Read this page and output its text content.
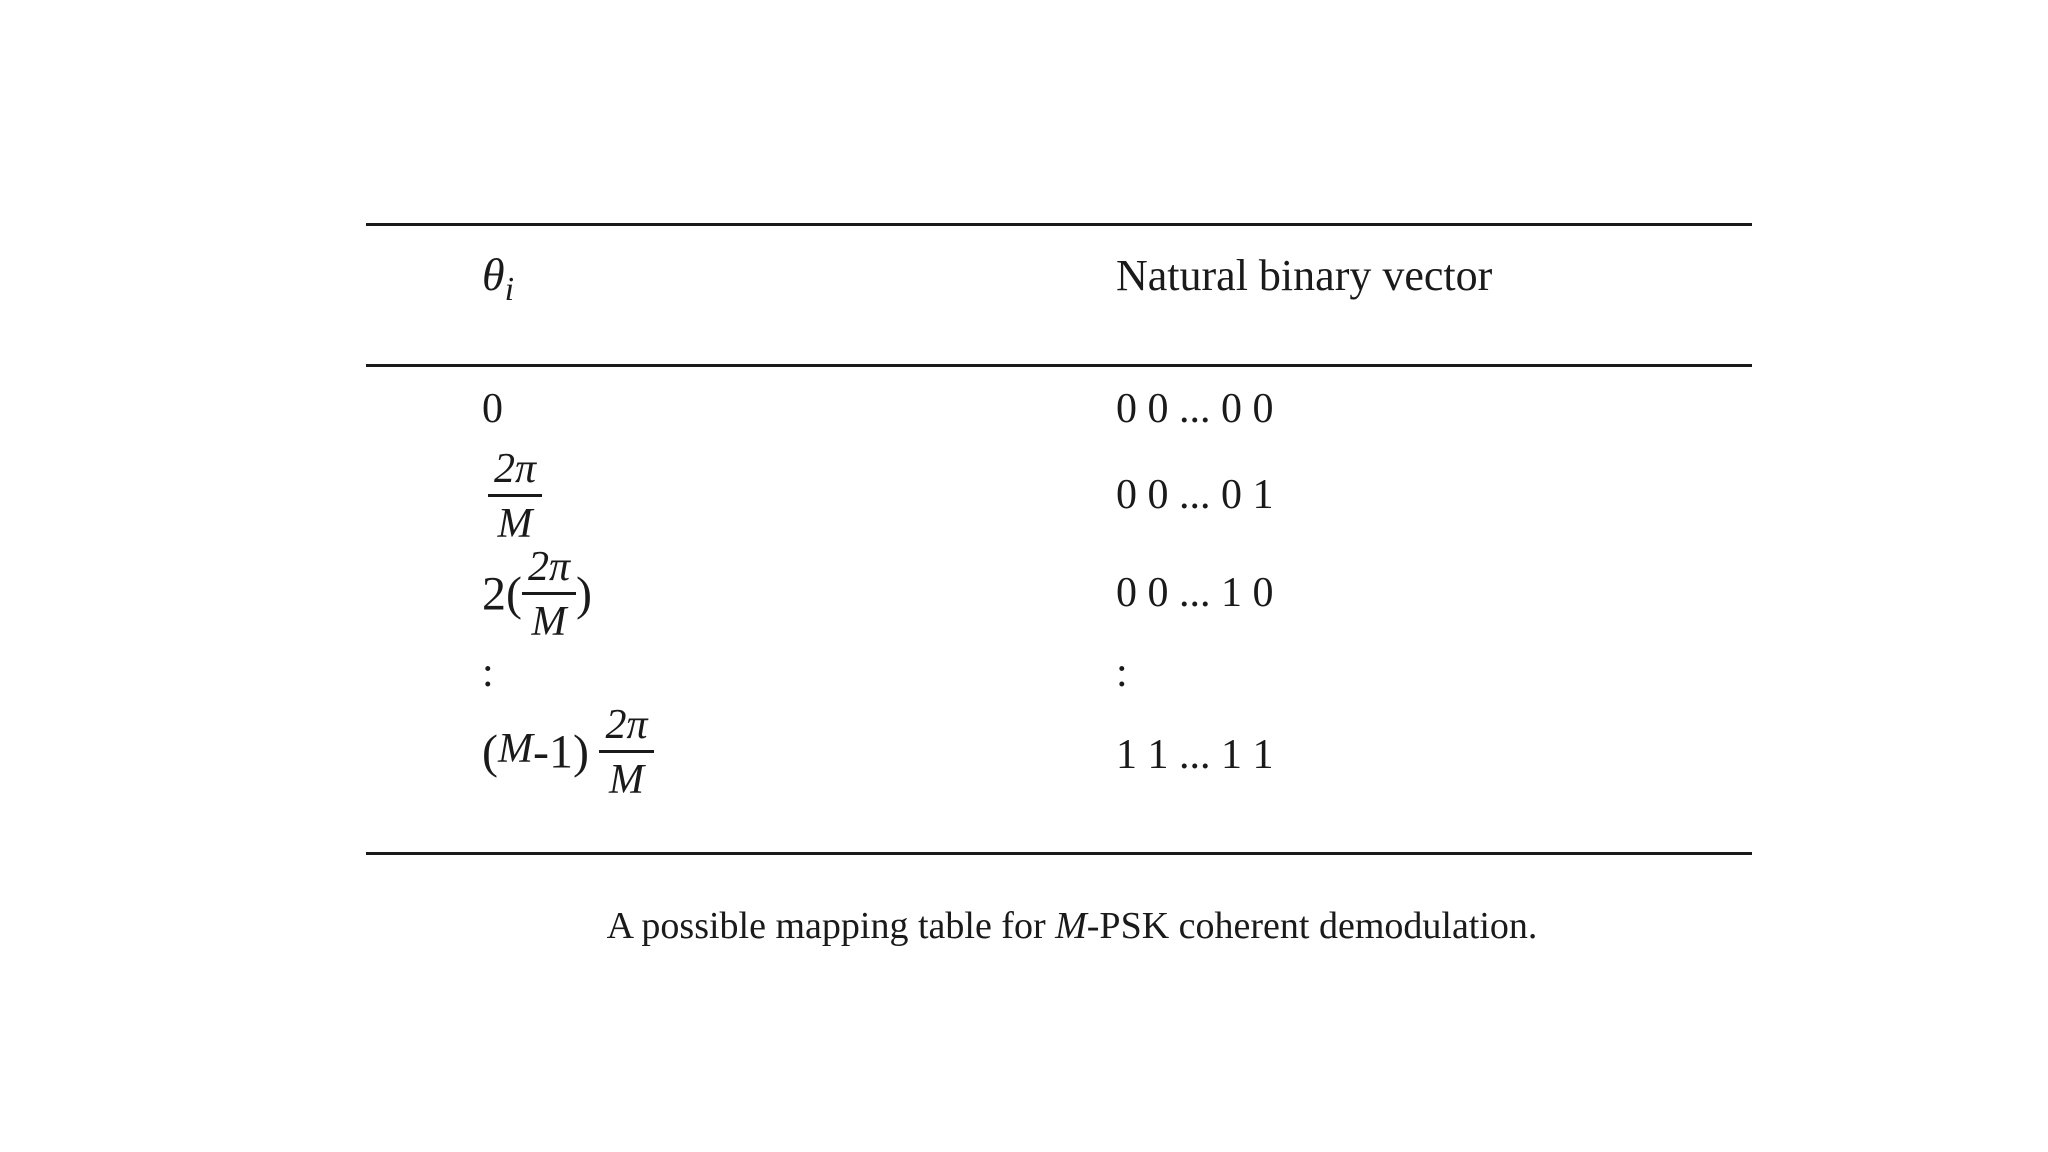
$\theta_i$	Natural binary vector
0	0 0 ... 0 0
$\frac{2\pi}{M}$	0 0 ... 0 1
$2( \frac{2\pi}{M}$ )	0 0 ... 1 0
:	:
$(M-1) \frac{2\pi}{M}$	1 1 ... 1 1
A possible mapping table for M-PSK coherent demodulation.
